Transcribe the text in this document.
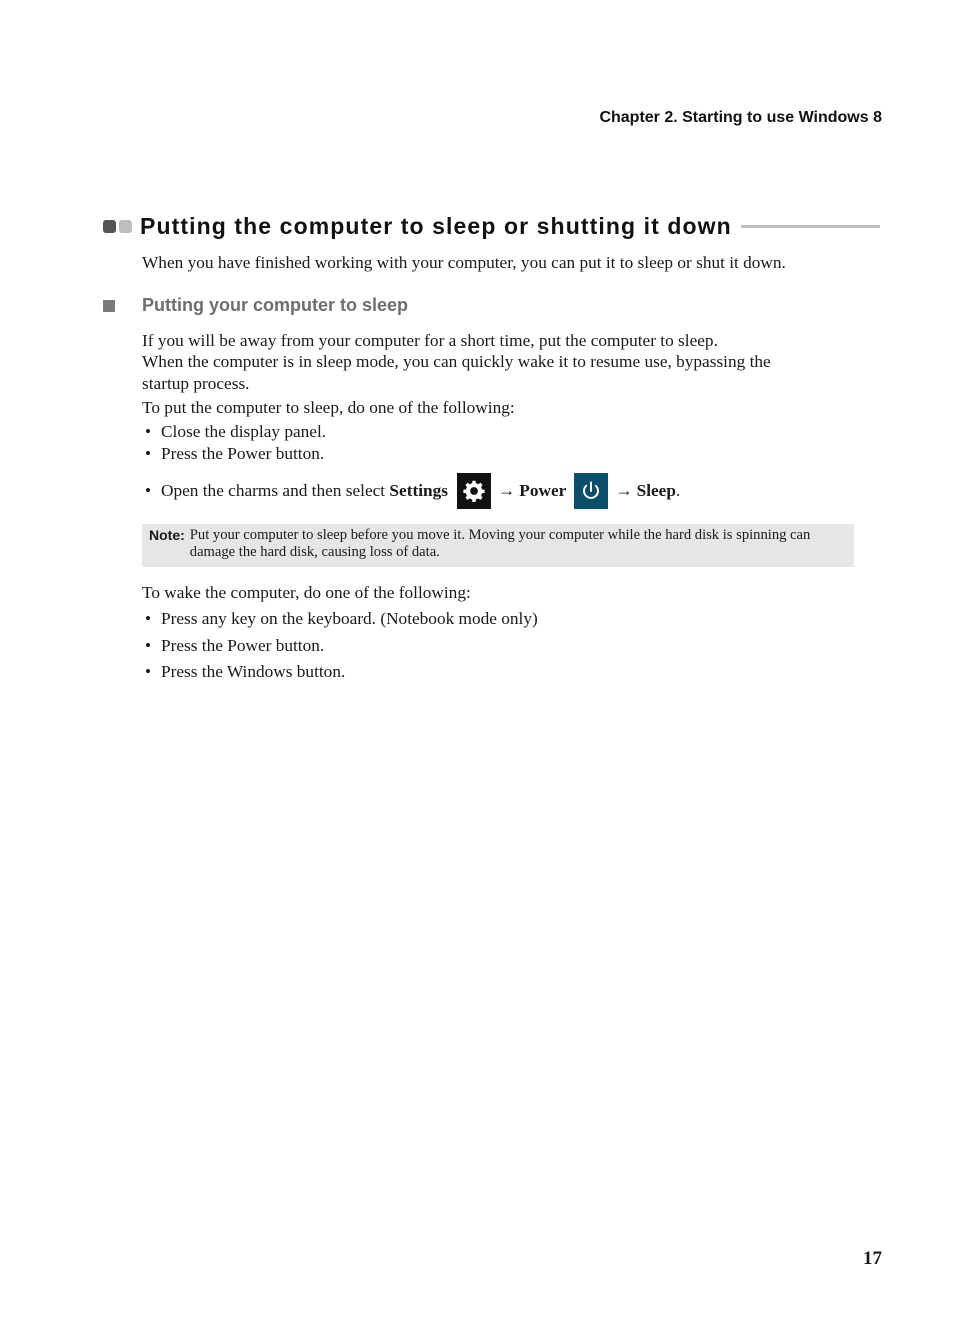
Chapter 2. Starting to use Windows 8
Putting the computer to sleep or shutting it down
When you have finished working with your computer, you can put it to sleep or shut it down.
Putting your computer to sleep
If you will be away from your computer for a short time, put the computer to sleep.
When the computer is in sleep mode, you can quickly wake it to resume use, bypassing the
startup process.
To put the computer to sleep, do one of the following:
• Close the display panel.
• Press the Power button.
• Open the charms and then select Settings	→ Power	→ Sleep .
Note: Put your computer to sleep before you move it. Moving your computer while the hard disk is spinning can damage the hard disk, causing loss of data.
To wake the computer, do one of the following:
• Press any key on the keyboard. (Notebook mode only)
• Press the Power button.
• Press the Windows button.
17
